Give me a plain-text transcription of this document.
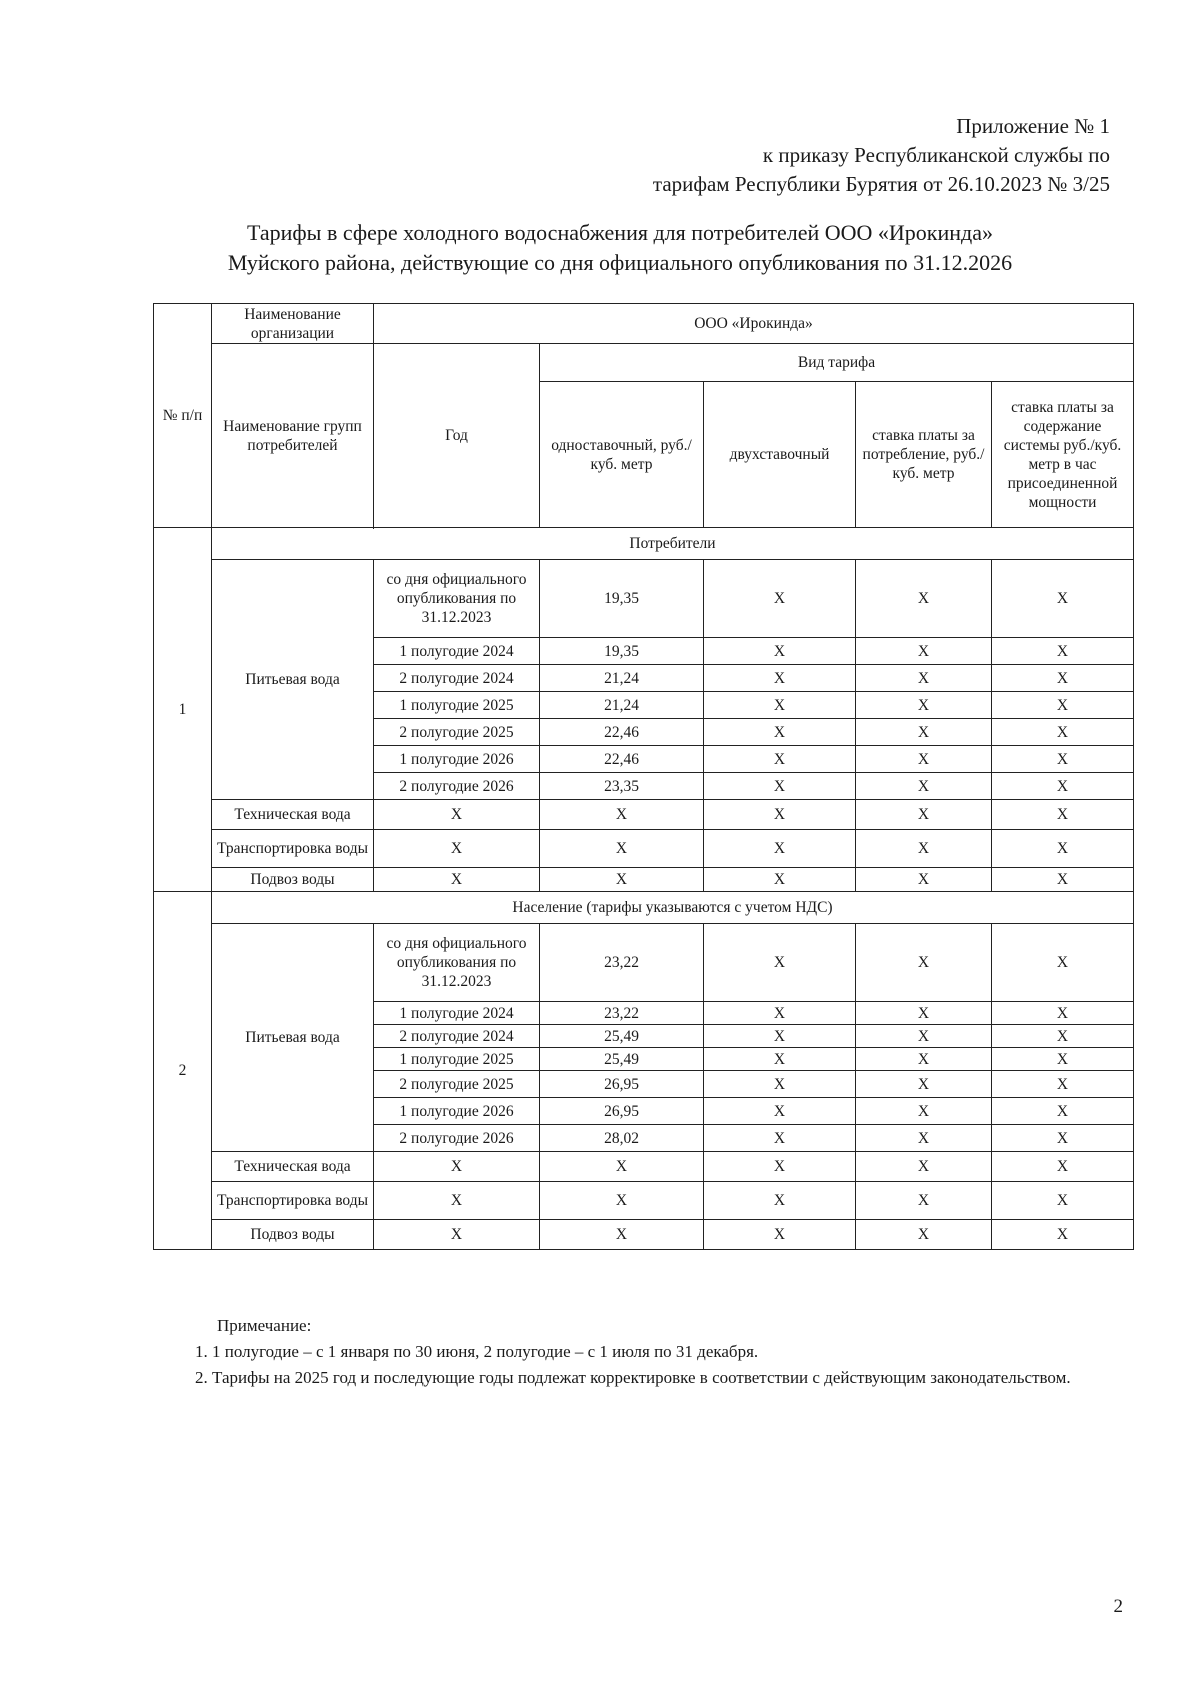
Приложение № 1
к приказу Республиканской службы по
тарифам Республики Бурятия от 26.10.2023 № 3/25
Тарифы в сфере холодного водоснабжения для потребителей ООО «Ирокинда»
Муйского района, действующие со дня официального опубликования по 31.12.2026
№ п/п	Наименование организации	ООО «Ирокинда»				
	Наименование групп потребителей	Год	Вид тарифа			
			одноставочный, руб./ куб. метр	двухставочный	ставка платы за потребление, руб./ куб. метр	ставка платы за содержание системы руб./куб. метр в час присоединенной мощности

1	Потребители					
	Питьевая вода	со дня официального опубликования по 31.12.2023	19,35	Х	Х	Х
		1 полугодие 2024	19,35	Х	Х	Х
		2 полугодие 2024	21,24	Х	Х	Х
		1 полугодие 2025	21,24	Х	Х	Х
		2 полугодие 2025	22,46	Х	Х	Х
		1 полугодие 2026	22,46	Х	Х	Х
		2 полугодие 2026	23,35	Х	Х	Х
	Техническая вода	Х	Х	Х	Х	Х
	Транспортировка воды	Х	Х	Х	Х	Х
	Подвоз воды	Х	Х	Х	Х	Х
2	Население (тарифы указываются с учетом НДС)					
	Питьевая вода	со дня официального опубликования по 31.12.2023	23,22	Х	Х	Х
		1 полугодие 2024	23,22	Х	Х	Х
		2 полугодие 2024	25,49	Х	Х	Х
		1 полугодие 2025	25,49	Х	Х	Х
		2 полугодие 2025	26,95	Х	Х	Х
		1 полугодие 2026	26,95	Х	Х	Х
		2 полугодие 2026	28,02	Х	Х	Х
	Техническая вода	Х	Х	Х	Х	Х
	Транспортировка воды	Х	Х	Х	Х	Х
	Подвоз воды	Х	Х	Х	Х	Х

Примечание:

1. 1 полугодие – с 1 января по 30 июня, 2 полугодие – с 1 июля по 31 декабря.

2. Тарифы на 2025 год и последующие годы подлежат корректировке в соответствии с действующим законодательством.

2
